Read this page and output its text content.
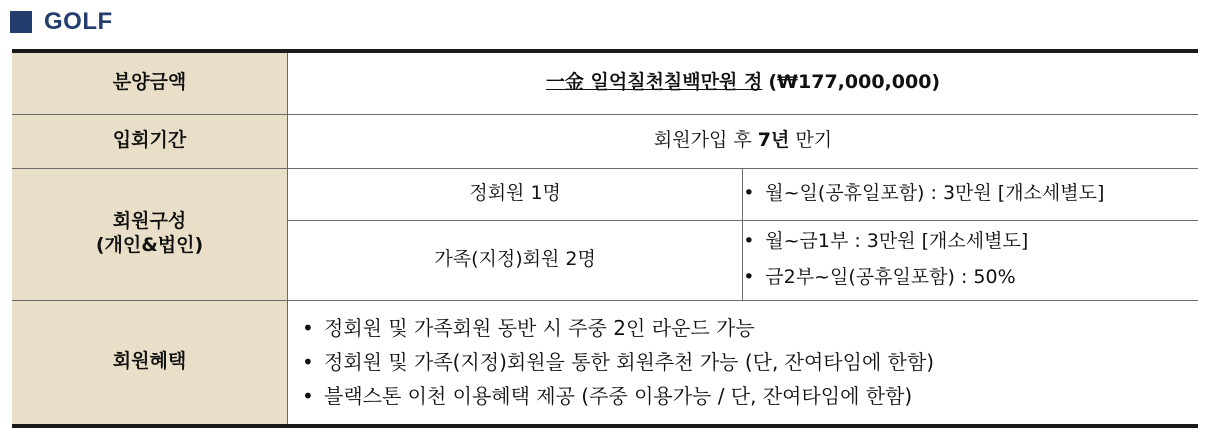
GOLF
분양금액	一金 일억칠천칠백만원 정 (₩177,000,000)	
입회기간	회원가입 후 7년 만기	

회원구성
(개인&법인)	정회원 1명	• 월~일(공휴일포함) : 3만원 [개소세별도]

	가족(지정)회원 2명	• 월~금1부 : 3만원 [개소세별도]
• 금2부~일(공휴일포함) : 50%

회원혜택	• 정회원 및 가족회원 동반 시 주중 2인 라운드 가능
• 정회원 및 가족(지정)회원을 통한 회원추천 가능 (단, 잔여타임에 한함)
• 블랙스톤 이천 이용혜택 제공 (주중 이용가능 / 단, 잔여타임에 한함)	
